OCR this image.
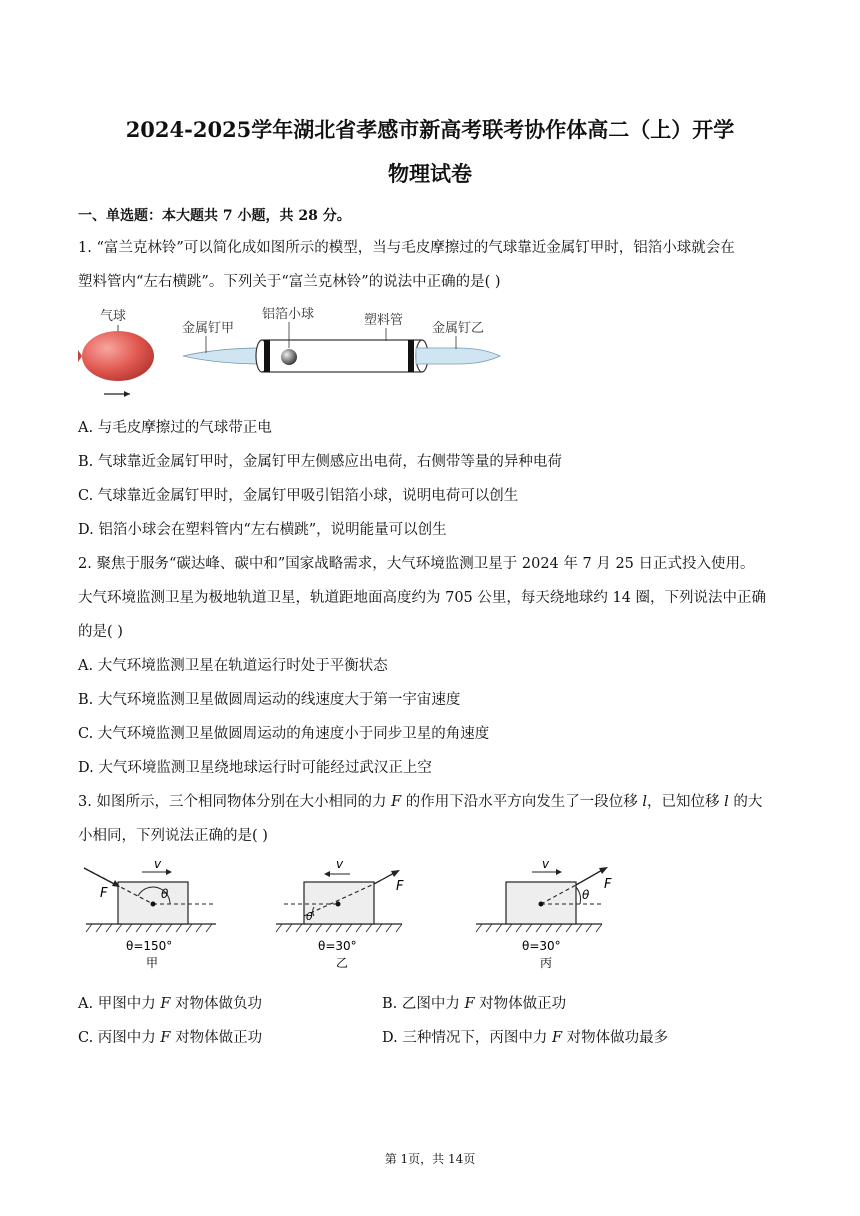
2024-2025学年湖北省孝感市新高考联考协作体高二（上）开学
物理试卷
一、单选题：本大题共 7 小题，共 28 分。
1. “富兰克林铃”可以简化成如图所示的模型，当与毛皮摩擦过的气球靠近金属钉甲时，铝箔小球就会在
塑料管内“左右横跳”。下列关于“富兰克林铃”的说法中正确的是( )
气球
金属钉甲
铝箔小球	塑料管
金属钉乙
A. 与毛皮摩擦过的气球带正电
B. 气球靠近金属钉甲时，金属钉甲左侧感应出电荷，右侧带等量的异种电荷
C. 气球靠近金属钉甲时，金属钉甲吸引铝箔小球，说明电荷可以创生
D. 铝箔小球会在塑料管内“左右横跳”，说明能量可以创生
2. 聚焦于服务“碳达峰、碳中和”国家战略需求，大气环境监测卫星于 2024 年 7 月 25 日正式投入使用。
大气环境监测卫星为极地轨道卫星，轨道距地面高度约为 705 公里，每天绕地球约 14 圈，下列说法中正确
的是( )
A. 大气环境监测卫星在轨道运行时处于平衡状态
B. 大气环境监测卫星做圆周运动的线速度大于第一宇宙速度
C. 大气环境监测卫星做圆周运动的角速度小于同步卫星的角速度
D. 大气环境监测卫星绕地球运行时可能经过武汉正上空
3. 如图所示，三个相同物体分别在大小相同的力 F 的作用下沿水平方向发生了一段位移 l，已知位移 l 的大
小相同，下列说法正确的是( )
θ
F
v
θ=150°
甲
θ
F
v
θ=30°
乙
θ
F
v
θ=30°
丙
A. 甲图中力 F 对物体做负功	B. 乙图中力 F 对物体做正功
C. 丙图中力 F 对物体做正功	D. 三种情况下，丙图中力 F 对物体做功最多
第 1页，共 14页
